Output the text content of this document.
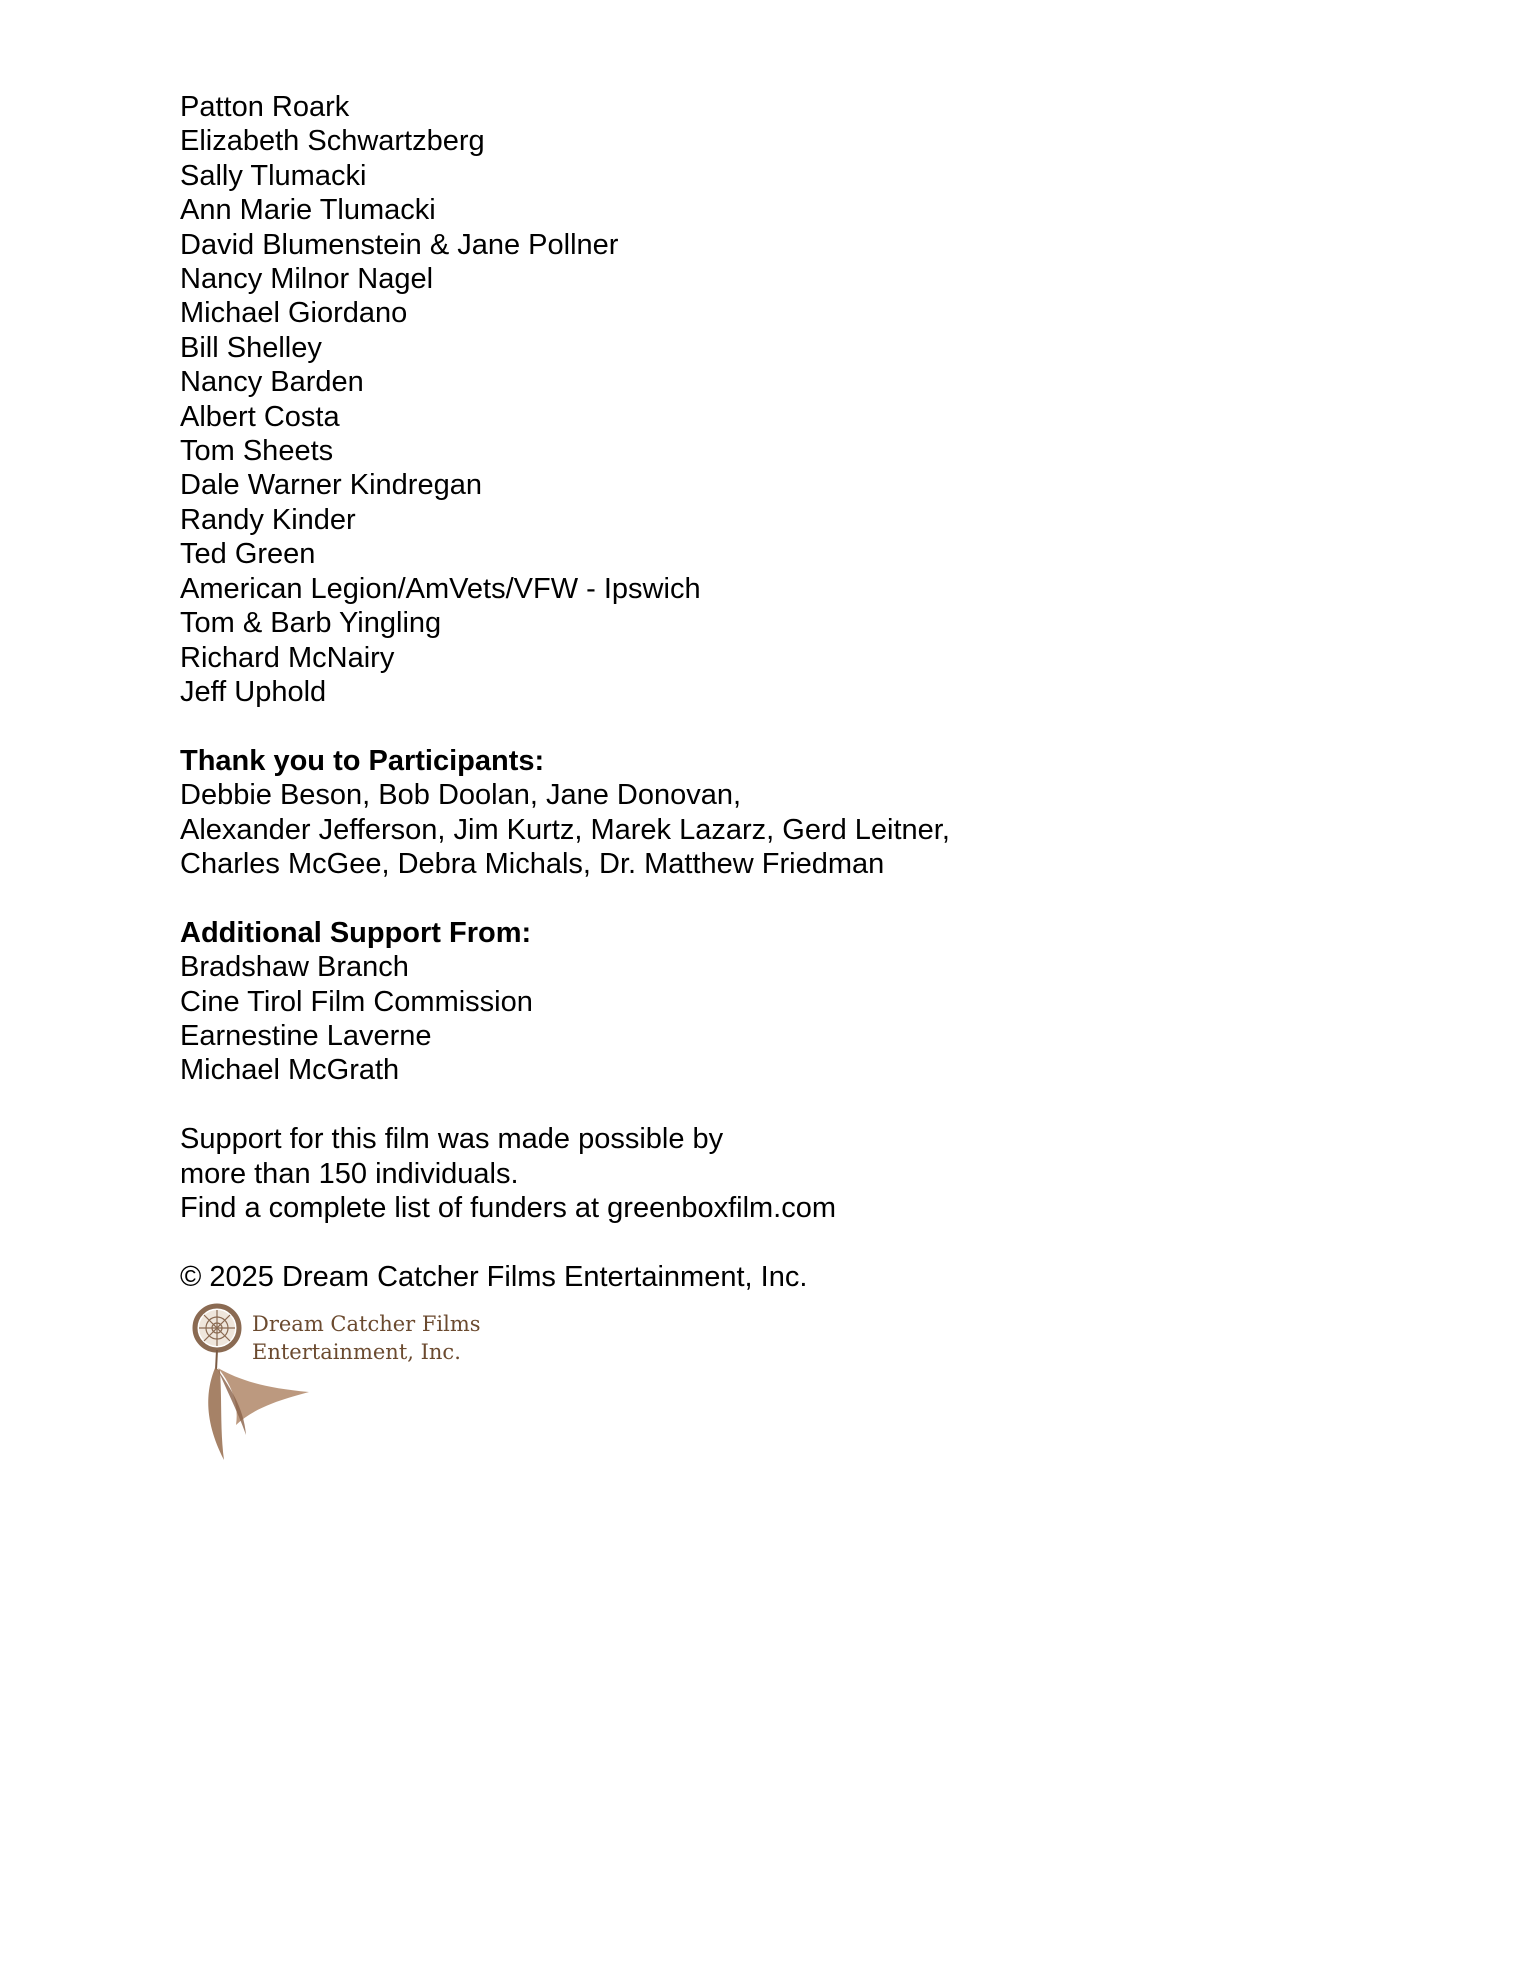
Patton Roark
Elizabeth Schwartzberg
Sally Tlumacki
Ann Marie Tlumacki
David Blumenstein & Jane Pollner
Nancy Milnor Nagel
Michael Giordano
Bill Shelley
Nancy Barden
Albert Costa
Tom Sheets
Dale Warner Kindregan
Randy Kinder
Ted Green
American Legion/AmVets/VFW - Ipswich
Tom & Barb Yingling
Richard McNairy
Jeff Uphold
Thank you to Participants:
Debbie Beson, Bob Doolan, Jane Donovan,
Alexander Jefferson, Jim Kurtz, Marek Lazarz, Gerd Leitner,
Charles McGee, Debra Michals, Dr. Matthew Friedman
Additional Support From:
Bradshaw Branch
Cine Tirol Film Commission
Earnestine Laverne
Michael McGrath
Support for this film was made possible by
more than 150 individuals.
Find a complete list of funders at greenboxfilm.com
© 2025 Dream Catcher Films Entertainment, Inc.
Dream Catcher Films
Entertainment, Inc.
